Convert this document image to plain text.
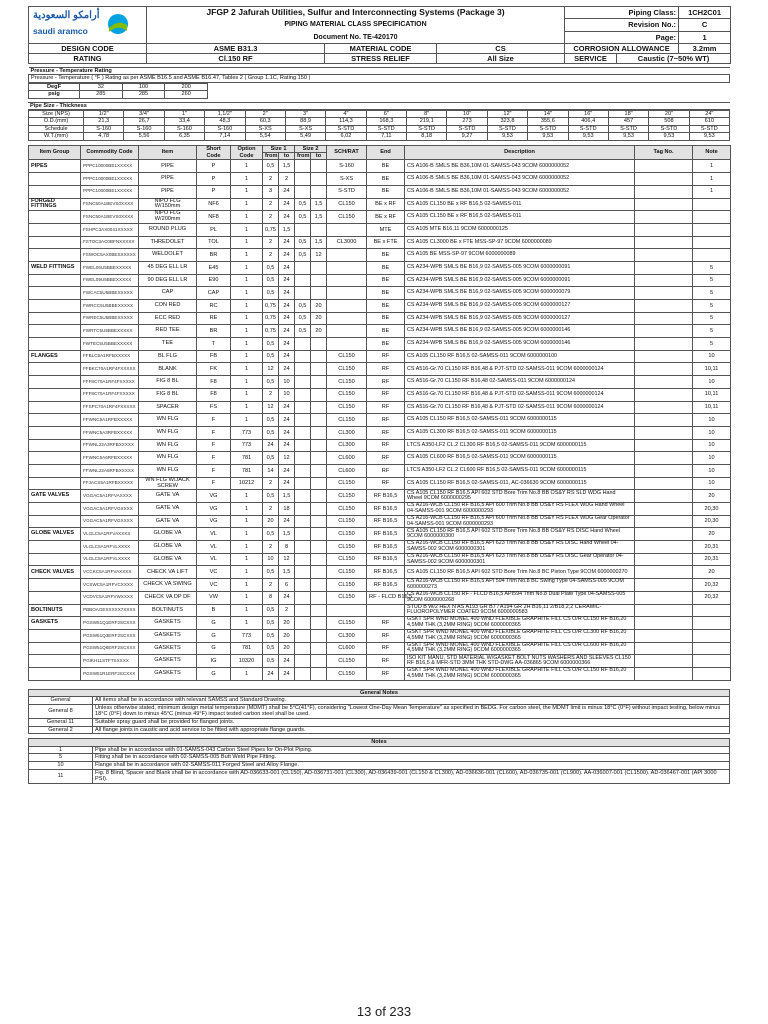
أرامكو السعودية
saudi aramco	JFGP 2 Jafurah Utilities, Sulfur and Interconnecting Systems (Package 3)			Piping Class:		1CH2C01
	PIPING MATERIAL CLASS SPECIFICATION			Revision No.:		C
	Document No. TE-420170			Page:		1
DESIGN CODE	ASME B31.3	MATERIAL CODE	CS	CORROSION ALLOWANCE		3.2mm
RATING	Cl.150 RF	STRESS RELIEF	All Size	SERVICE	Caustic (7~50% WT)	
Pressure - Temperature Rating
Pressure - Temperature ( °F ) Rating as per ASME B16.5 and ASME B16.47, Tables 2 ( Group 1.1C, Rating 150 )
DegF	32	100	200
psig	285	285	260
Pipe Size - Thickness
Size (NPS)	1/2"	3/4"	1"	1,1/2"	2"	3"	4"	6"	8"	10"	12"	14"	16"	18"	20"	24"
O.D.(mm)	21,3	26,7	33,4	48,3	60,3	88,9	114,3	168,3	219,1	273	323,8	355,6	406,4	457	508	610
Schedule	S-160	S-160	S-160	S-160	S-XS	S-XS	S-STD	S-STD	S-STD	S-STD	S-STD	S-STD	S-STD	S-STD	S-STD	S-STD
W.T.(mm)	4,78	5,56	6,35	7,14	5,54	5,49	6,02	7,11	8,18	9,27	9,53	9,53	9,53	9,53	9,53	9,53
Item Group	Commodity Code	Item	Short Code	Option Code	Size 1		Size 2		SCH/RAT	End	Description	Tag No.	Note
					from	to	from	to					
PIPES	PPPC10000BE1XXXXX	PIPE	P	1	0,5	1,5			S-160	BE	CS A106-B SMLS BE B36,10M 01-SAMSS-043 9COM 6000000052		1
	PPPC10000BE1XXXXX	PIPE	P	1	2	2			S-XS	BE	CS A106-B SMLS BE B36,10M 01-SAMSS-043 9COM 6000000052		1
	PPPC10000BE1XXXXX	PIPE	P	1	3	24			S-STD	BE	CS A106-B SMLS BE B36,10M 01-SAMSS-043 9COM 6000000052		1
FORGED FITTINGS	FSNC50A1BEVS0XXXX	NIPO FLG W/150mm	NF6	1	2	24	0,5	1,5	CL150	BE x RF	CS A105 CL150 BE x RF B16,5 02-SAMSS-011		
	FSNC50A1BEVS0XXXX	NIPO FLG W/200mm	NF8	1	2	24	0,5	1,5	CL150	BE x RF	CS A105 CL150 BE x RF B16,5 02-SAMSS-011		
	FSHPC3AX0041XXXXX	ROUND PLUG	PL	1	0,75	1,5				MTE	CS A105 MTE B16,11 9COM 6000000125		
	FSTOC3AC0BFNXXXXX	THREDOLET	TOL	1	2	24	0,5	1,5	CL3000	BE x FTE	CS A105 CL3000 BE x FTE MSS-SP-97 9COM 6000000089		
	FSWOC5AX0BESXXXXX	WELDOLET	BR	1	2	24	0,5	12		BE	CS A105 BE MSS-SP-97 9COM 6000000089		
WELD FITTINGS	FWEL05U5BBEXXXXX	45 DEG ELL LR	E45	1	0,5	24				BE	CS A234-WPB SMLS BE B16,9 02-SAMSS-005 9COM 6000000091		5
	FWEL09U5BBEXXXXX	90 DEG ELL LR	E90	1	0,5	24				BE	CS A234-WPB SMLS BE B16,9 02-SAMSS-005 9COM 6000000091		5
	FWCAC5U5BBEXXXXX	CAP	CAP	1	0,5	24				BE	CS A234-WPB SMLS BE B16,9 02-SAMSS-005 9COM 6000000079		5
	FWRCC5U5BBEXXXXX	CON RED	RC	1	0,75	24	0,5	20		BE	CS A234-WPB SMLS BE B16,9 02-SAMSS-005 9COM 6000000127		5
	FWREC5U5BBEXXXXX	ECC RED	RE	1	0,75	24	0,5	20		BE	CS A234-WPB SMLS BE B16,9 02-SAMSS-005 9COM 6000000127		5
	FWRTC5U5BBEXXXXX	RED TEE	BR	1	0,75	24	0,5	20		BE	CS A234-WPB SMLS BE B16,9 02-SAMSS-005 9COM 6000000146		5
	FWTEC5U5BBEXXXXX	TEE	T	1	0,5	24				BE	CS A234-WPB SMLS BE B16,9 02-SAMSS-005 9COM 6000000146		5
FLANGES	FFBLC5A1RFBXXXXX	BL FLG	FB	1	0,5	24			CL150	RF	CS A105 CL150 RF B16,5 02-SAMSS-011 9COM 6000000100		10
	FFBKC70A1RF4FXXXXX	BLANK	FK	1	12	24			CL150	RF	CS A516-Gr.70 CL150 RF B16,48 & PJT-STD 02-SAMSS-011 9COM 6000000124		10,11
	FFF8C70A1RF4FXXXXX	FIG 8 BL	F8	1	0,5	10			CL150	RF	CS A516-Gr.70 CL150 RF B16,48 02-SAMSS-011 9COM 6000000124		10
	FFF8C70A1RF4FXXXXX	FIG 8 BL	F8	1	2	10			CL150	RF	CS A516-Gr.70 CL150 RF B16,48 & PJT-STD 02-SAMSS-011 9COM 6000000124		10,11
	FFSPC70A1RF4FXXXXX	SPACER	FS	1	12	24			CL150	RF	CS A516-Gr.70 CL150 RF B16,48 & PJT-STD 02-SAMSS-011 9COM 6000000124		10,11
	FFWNC5A1RFBXXXXX	WN FLG	F	1	0,5	24			CL150	RF	CS A105 CL150 RF B16,5 02-SAMSS-011 9COM 6000000115		10
	FFWNC5A3RFBXXXXX	WN FLG	F	773	0,5	24			CL300	RF	CS A105 CL300 RF B16,5 02-SAMSS-011 9COM 6000000115		10
	FFWNL22A3RFBXXXXX	WN FLG	F	773	24	24			CL300	RF	LTCS A350-LF2 CL.2 CL300 RF B16,5 02-SAMSS-011 9COM 6000000115		10
	FFWNC5A6RFBXXXXX	WN FLG	F	781	0,5	12			CL600	RF	CS A105 CL600 RF B16,5 02-SAMSS-011 9COM 6000000115		10
	FFWNL22A6RFBXXXXX	WN FLG	F	781	14	24			CL600	RF	LTCS A350-LF2 CL.2 CL600 RF B16,5 02-SAMSS-011 9COM 6000000115		10
	FFJACS5A1RFBXXXXX	WN FLG W/JACK SCREW	F	10212	2	24			CL150	RF	CS A105 CL150 RF B16,5 02-SAMSS-011, AC-036630 9COM 6000000115		10
GATE VALVES	VGGAC5A1RFVAXXXX	GATE VA	VG	1	0,5	1,5			CL150	RF B16,5	CS A105 CL150 RF B16,5 API 602 STD Bore Trim No.8 BB OS&Y RS SLD WDG Hand Wheel 9COM 6000000295		20
	VGGAC5A1RFVGXXXX	GATE VA	VG	1	2	18			CL150	RF B16,5	CS A216-WCB CL150 RF B16,5 API 600 Trim No.8 BB OS&Y RS FLEX WDG Hand Wheel 04-SAMSS-001 9COM 6000000293		20,30
	VGGAC5A1RFVGXXXX	GATE VA	VG	1	20	24			CL150	RF B16,5	CS A216-WCB CL150 RF B16,5 API 600 Trim No.8 BB OS&Y RS FLEX WDG Gear Operator 04-SAMSS-001 9COM 6000000293		20,30
GLOBE VALVES	VLGLC5A1RFVAXXXX	GLOBE VA	VL	1	0,5	1,5			CL150	RF B16,5	CS A105 CL150 RF B16,5 API 602 STD Bore Trim No.8 BB OS&Y RS DISC Hand Wheel 9COM 6000000300		20
	VLGLC5A1RFVLXXXX	GLOBE VA	VL	1	2	8			CL150	RF B16,5	CS A216-WCB CL150 RF B16,5 API 623 Trim No.8 BB OS&Y RS DISC Hand Wheel 04-SAMSS-002 9COM 6000000301		20,31
	VLGLC5A1RFVLXXXX	GLOBE VA	VL	1	10	12			CL150	RF B16,5	CS A216-WCB CL150 RF B16,5 API 623 Trim No.8 BB OS&Y RS DISC Gear Operator 04-SAMSS-002 9COM 6000000301		20,31
CHECK VALVES	VCCKC5A1RFVAXXXX	CHECK VA LIFT	VC	1	0,5	1,5			CL150	RF B16,5	CS A105 CL150 RF B16,5 API 602 STD Bore Trim No.8 BC Piston Type 9COM 6000000270		20
	VCSWC5A1RFVCXXXX	CHECK VA SWING	VC	1	2	6			CL150	RF B16,5	CS A216-WCB CL150 RF B16,5 API 594 Trim No.8 BC Swing Type 04-SAMSS-005 9COM 6000000273		20,32
	VCDVC5A1RFVWXXXX	CHECK VA DP DF	VW	1	8	24			CL150	RF - FLCD B16,5	CS A216-WCB CL150 RF - FLCD B16,5 API594 Trim No.8 Dual Plate Type 04-SAMSS-005 9COM 6000000268		20,32
BOLTINUTS	PBBOAGEXXXXX7XXXX	BOLTINUTS	B	1	0,5	2					STUD B W/2 HEX N AS A193 GR B7 / A194 GR 2H B16,11 2/B18,2,2 CERAMIC-FLUOROPOLYMER COATED 9COM 6000000583		
GASKETS	PGSW51Q1ERF2SCXXX	GASKETS	G	1	0,5	20			CL150	RF	GSKT SPR WND MONEL 400 WND FLEXIBLE GRAPHITE FILL CS O/R CL150 RF B16,20 4,5MM THK (3,2MM RING) 9COM 6000000365		
	PGSW51Q3ERF2SCXXX	GASKETS	G	773	0,5	20			CL300	RF	GSKT SPR WND MONEL 400 WND FLEXIBLE GRAPHITE FILL CS O/R CL300 RF B16,20 4,5MM THK (3,2MM RING) 9COM 6000000365		
	PGSW51Q6ERF2SCXXX	GASKETS	G	781	0,5	20			CL600	RF	GSKT SPR WND MONEL 400 WND FLEXIBLE GRAPHITE FILL CS O/R CL600 RF B16,20 4,5MM THK (3,2MM RING) 9COM 6000000365		
	PGIKH11STFTSXXXX	GASKETS	IG	10320	0,5	24			CL150	RF	ISO KIT MANU, STD MATERIAL W/GASKET BOLT NUTS WASHERS AND SLEEVES CL150 RF B16,5 & MFR-STD 3MM THK STD-DWG AA-036865 9COM 6000000366		
	PGSW51R1ERF2SCXXX	GASKETS	G	1	24	24			CL150	RF	GSKT SPR WND MONEL 400 WND FLEXIBLE GRAPHITE FILL CS O/R CL150 RF B16,20 4,5MM THK (3,2MM RING) 9COM 6000000365		
General Notes	
General	All items shall be in accordance with relevant SAMSS and Standard Drawing.
General 8	Unless otherwise stated, minimum design metal temperature (MDMT) shall be 5°C(41°F), considering "Lowest One-Day Mean Temperature" as specified in BEDG. For carbon steel, the MDMT limit is minus 18°C (0°F) without impact testing, below minus 18°C (0°F) down to minus 45°C (minus 49°F) impact tested carbon steel shall be used.
General 11	Suitable spray guard shall be provided for flanged joints.
General 2	All flange joints in caustic and acid service to be fitted with appropriate flange guards.
Notes	
1	Pipe shall be in accordance with 01-SAMSS-043 Carbon Steel Pipes for On-Plot Piping.
5	Fitting shall be in accordance with 02-SAMSS-005 Butt Weld Pipe Fitting.
10	Flange shall be in accordance with 02-SAMSS-011 Forged Steel and Alloy Flange.
11	Fig. 8 Blind, Spacer and Blank shall be in accordance with AD-036633-001 (CL150), AD-036731-001 (CL300), AD-036439-001 (CL150 & CL300), AD-036636-001 (CL600), AD-036735-001 (CL900). AA-036007-001 (CL1500). AD-036467-001 (API 3000 PSI).
13 of 233
